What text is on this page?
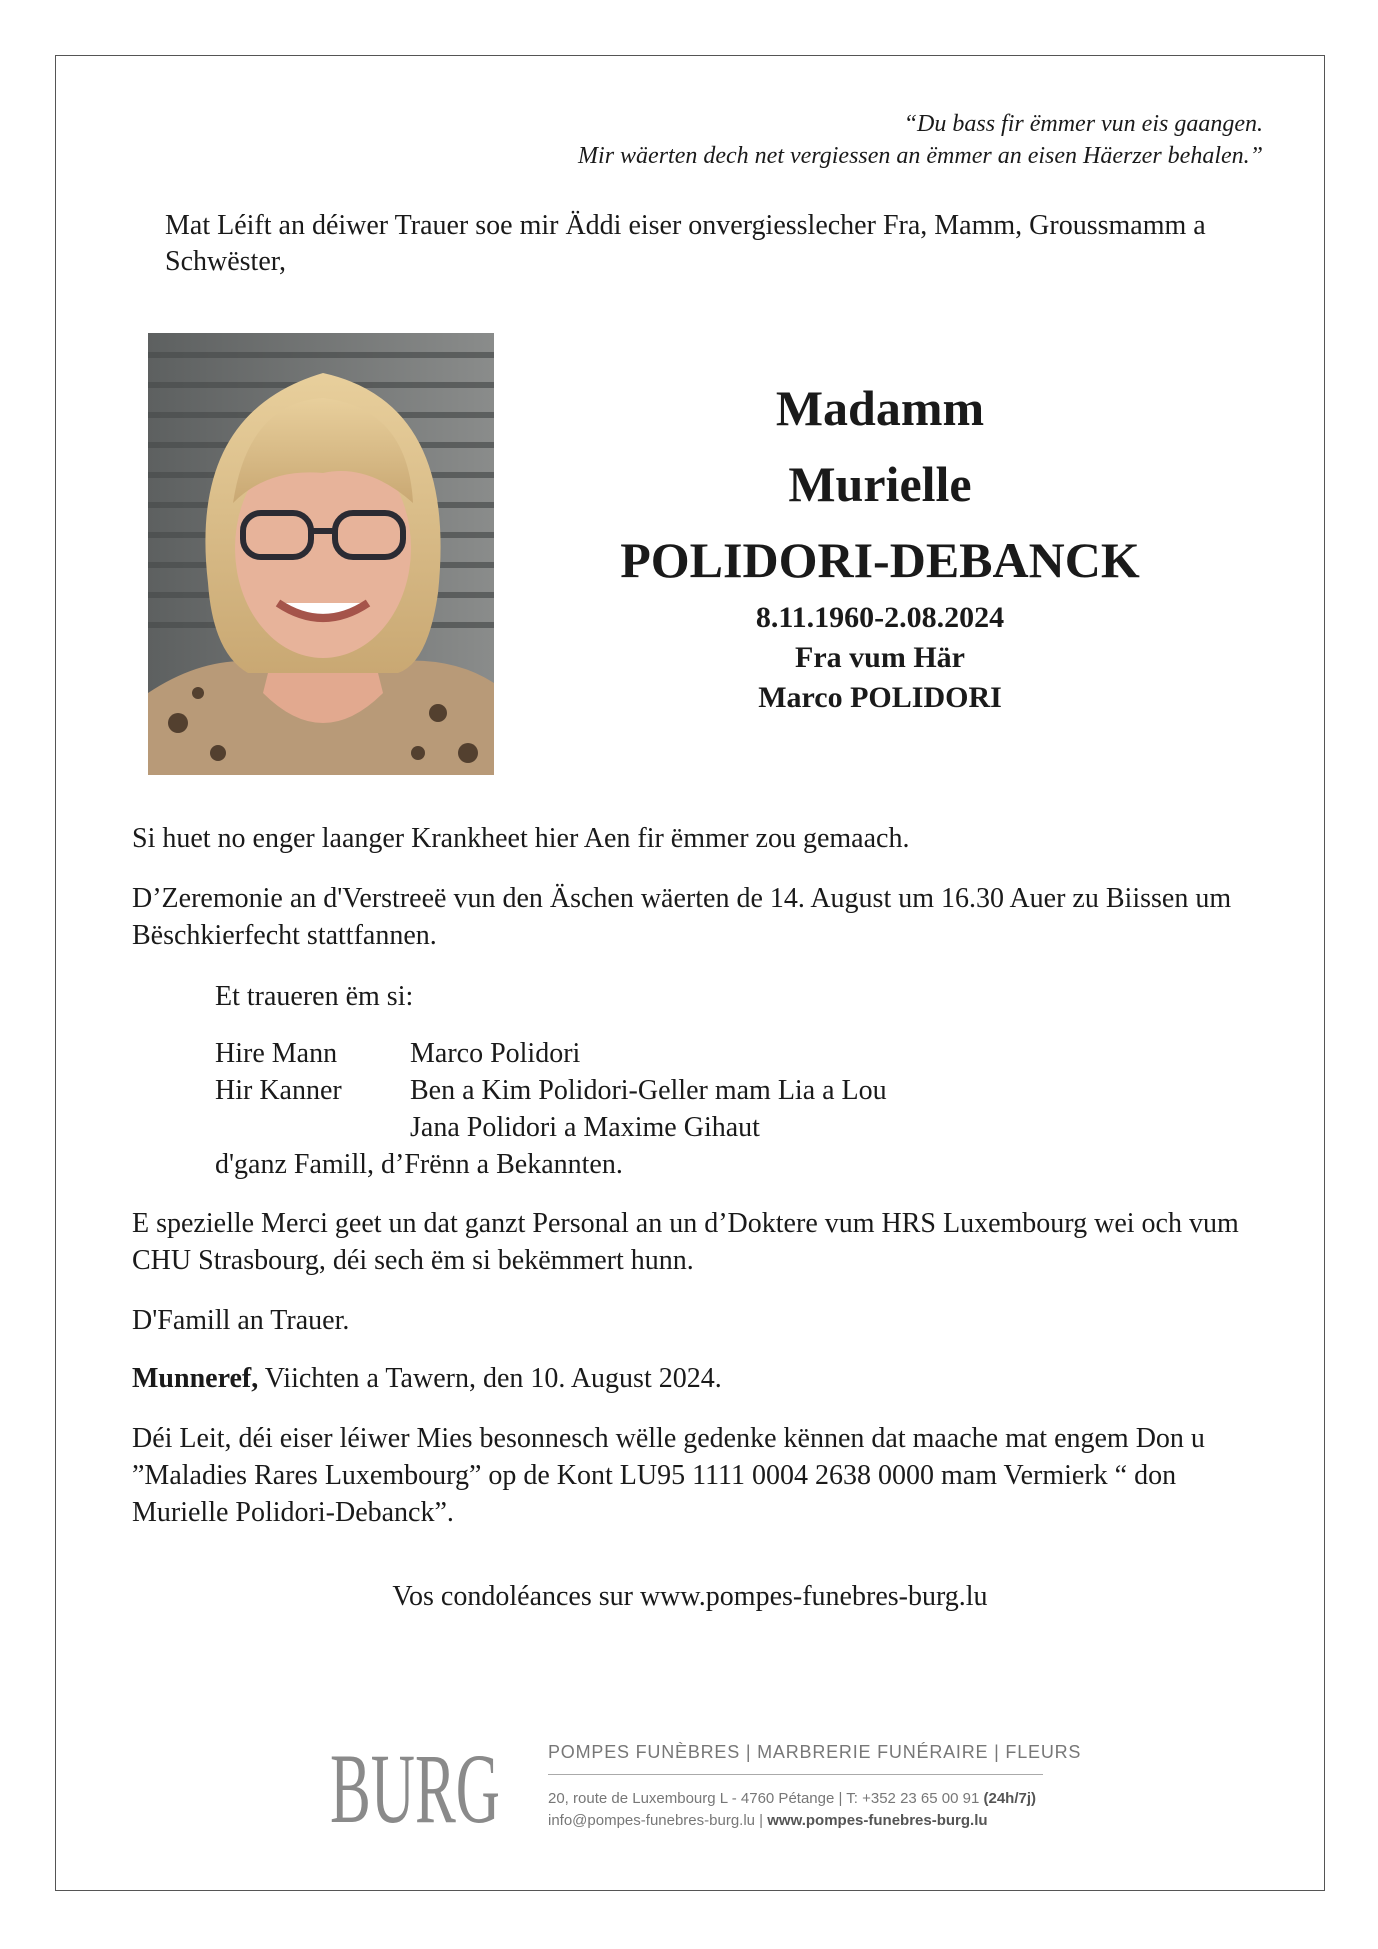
“Du bass fir ëmmer vun eis gaangen.
Mir wäerten dech net vergiessen an ëmmer an eisen Häerzer behalen.”
Mat Léift an déiwer Trauer soe mir Äddi eiser onvergiesslecher Fra, Mamm, Groussmamm a Schwëster,
Madamm
Murielle
POLIDORI-DEBANCK
8.11.1960-2.08.2024
Fra vum Här
Marco POLIDORI
Si huet no enger laanger Krankheet hier Aen fir ëmmer zou gemaach.
D’Zeremonie an d'Verstreeë vun den Äschen wäerten de 14. August um 16.30 Auer zu Biissen um Bëschkierfecht stattfannen.
Et traueren ëm si:
Hire Mann	Marco Polidori
Hir Kanner	Ben a Kim Polidori-Geller mam Lia a Lou
Jana Polidori a Maxime Gihaut
d'ganz Famill, d’Frënn a Bekannten.
E spezielle Merci geet un dat ganzt Personal an un d’Doktere vum HRS Luxembourg wei och vum CHU Strasbourg, déi sech ëm si bekëmmert hunn.
D'Famill an Trauer.
Munneref, Viichten a Tawern, den 10. August 2024.
Déi Leit, déi eiser léiwer Mies besonnesch wëlle gedenke kënnen dat maache mat engem Don u ”Maladies Rares Luxembourg” op de Kont LU95 1111 0004 2638 0000 mam Vermierk “ don Murielle Polidori-Debanck”.
Vos condoléances sur www.pompes-funebres-burg.lu
BURG	POMPES FUNÈBRES | MARBRERIE FUNÉRAIRE | FLEURS
20, route de Luxembourg L - 4760 Pétange | T: +352 23 65 00 91 (24h/7j)
info@pompes-funebres-burg.lu | www.pompes-funebres-burg.lu
